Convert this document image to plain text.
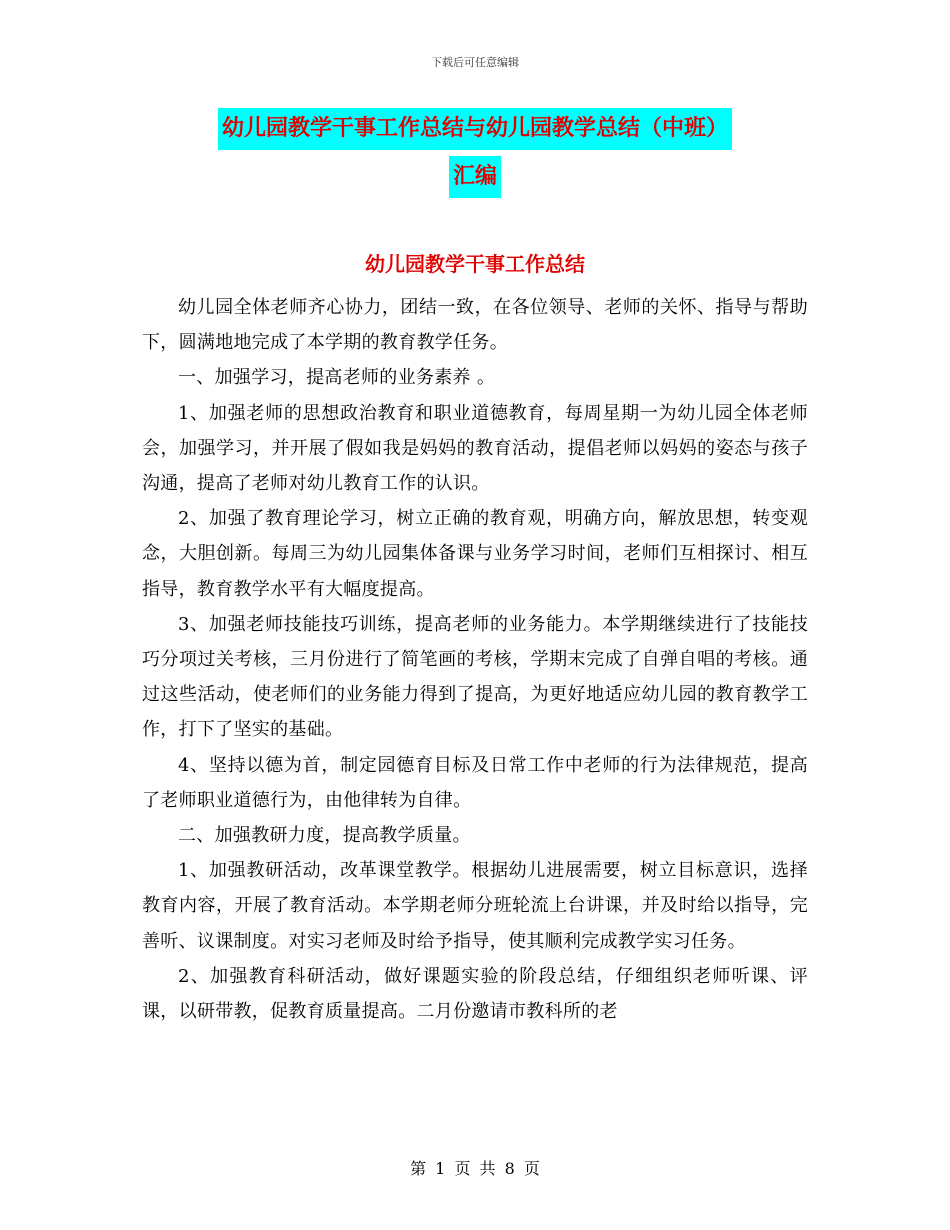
下载后可任意编辑
幼儿园教学干事工作总结与幼儿园教学总结（中班）
汇编
幼儿园教学干事工作总结

幼儿园全体老师齐心协力，团结一致，在各位领导、老师的关怀、指导与帮助下，圆满地地完成了本学期的教育教学任务。

一、加强学习，提高老师的业务素养 。

1、加强老师的思想政治教育和职业道德教育，每周星期一为幼儿园全体老师会，加强学习，并开展了假如我是妈妈的教育活动，提倡老师以妈妈的姿态与孩子沟通，提高了老师对幼儿教育工作的认识。

2、加强了教育理论学习，树立正确的教育观，明确方向，解放思想，转变观念，大胆创新。每周三为幼儿园集体备课与业务学习时间，老师们互相探讨、相互指导，教育教学水平有大幅度提高。

3、加强老师技能技巧训练，提高老师的业务能力。本学期继续进行了技能技巧分项过关考核，三月份进行了简笔画的考核，学期末完成了自弹自唱的考核。通过这些活动，使老师们的业务能力得到了提高，为更好地适应幼儿园的教育教学工作，打下了坚实的基础。

4、坚持以德为首，制定园德育目标及日常工作中老师的行为法律规范，提高了老师职业道德行为，由他律转为自律。

二、加强教研力度，提高教学质量。

1、加强教研活动，改革课堂教学。根据幼儿进展需要，树立目标意识，选择教育内容，开展了教育活动。本学期老师分班轮流上台讲课，并及时给以指导，完善听、议课制度。对实习老师及时给予指导，使其顺利完成教学实习任务。

2、加强教育科研活动，做好课题实验的阶段总结，仔细组织老师听课、评课，以研带教，促教育质量提高。二月份邀请市教科所的老

第 1 页 共 8 页
